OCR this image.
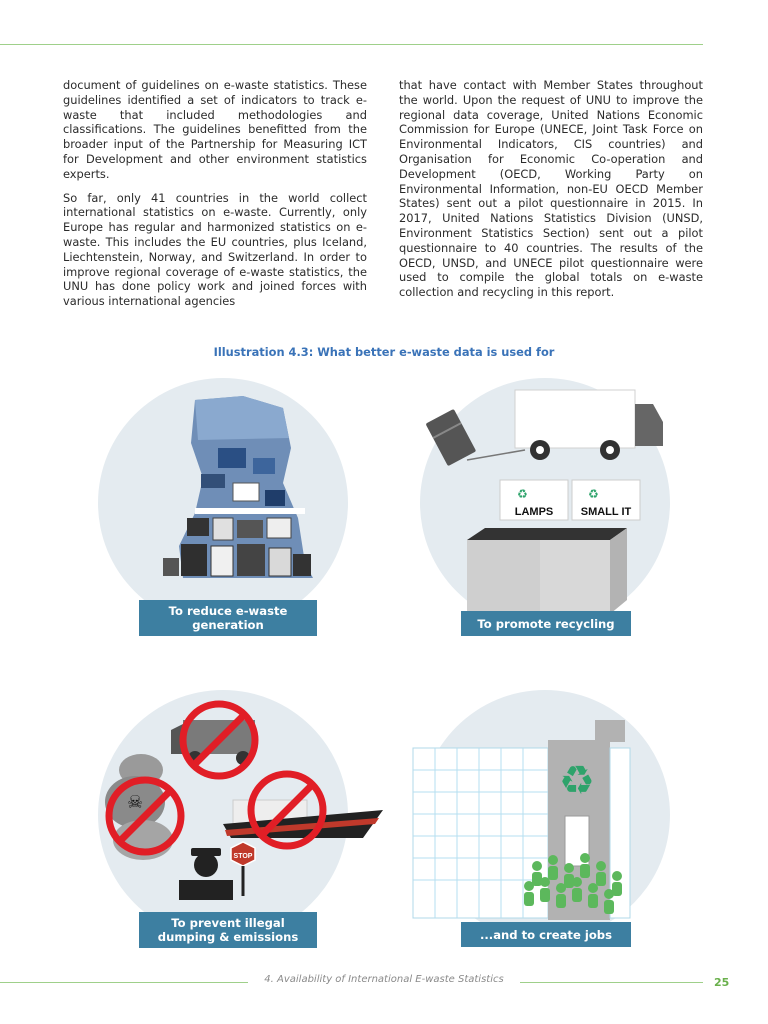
document of guidelines on e-waste statistics. These guidelines identified a set of indicators to track e-waste that included methodologies and classifications. The guidelines benefitted from the broader input of the Partnership for Measuring ICT for Development and other environment statistics experts.

So far, only 41 countries in the world collect international statistics on e-waste. Currently, only Europe has regular and harmonized statistics on e-waste. This includes the EU countries, plus Iceland, Liechtenstein, Norway, and Switzerland. In order to improve regional coverage of e-waste statistics, the UNU has done policy work and joined forces with various international agencies

that have contact with Member States throughout the world. Upon the request of UNU to improve the regional data coverage, United Nations Economic Commission for Europe (UNECE, Joint Task Force on Environmental Indicators, CIS countries) and Organisation for Economic Co-operation and Development (OECD, Working Party on Environmental Information, non-EU OECD Member States) sent out a pilot questionnaire in 2015. In 2017, United Nations Statistics Division (UNSD, Environment Statistics Section) sent out a pilot questionnaire to 40 countries. The results of the OECD, UNSD, and UNECE pilot questionnaire were used to compile the global totals on e-waste collection and recycling in this report.

Illustration 4.3: What better e-waste data is used for
To reduce e-waste generation
♻	♻
LAMPS SMALL IT
To promote recycling
☠
STOP
To prevent illegal dumping & emissions
♻
...and to create jobs
4. Availability of International E-waste Statistics	25
